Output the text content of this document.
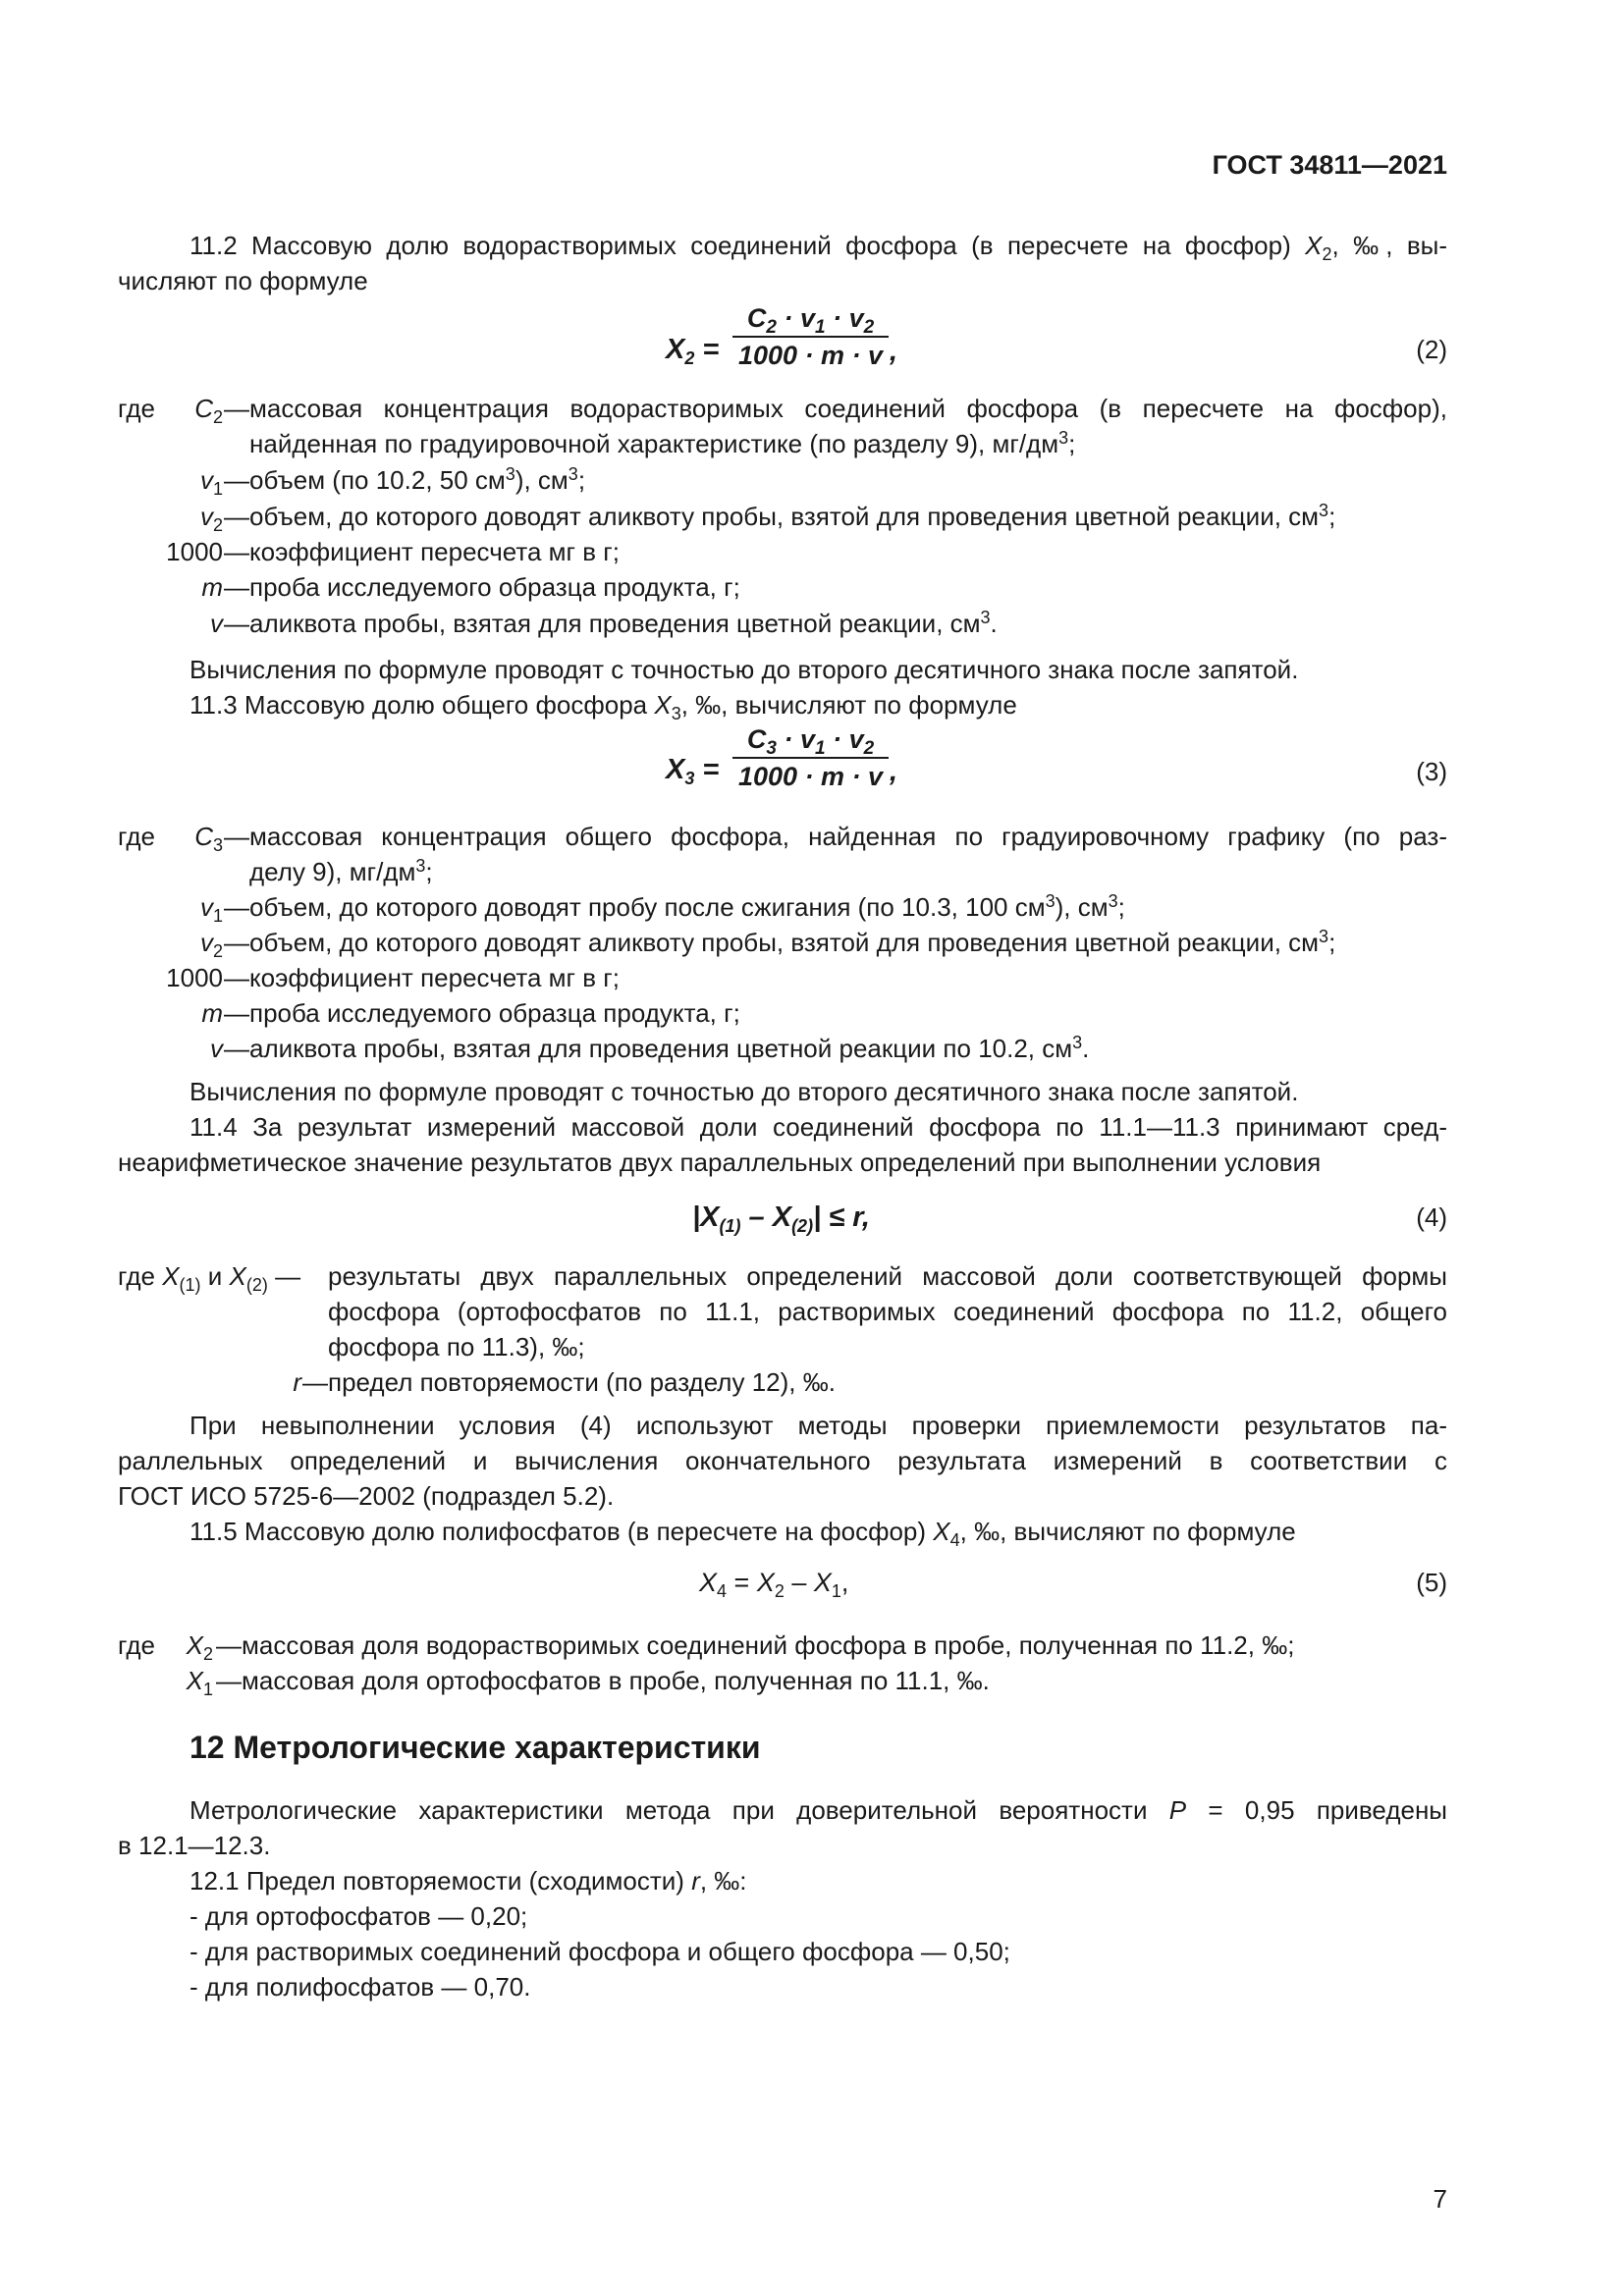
ГОСТ 34811—2021
11.2 Массовую долю водорастворимых соединений фосфора (в пересчете на фосфор) $X_2$, ‰, вы-
числяют по формуле
$X_2$ =
$C_2 \cdot v_1 \cdot v_2$
1000 · m · v ,	(2)
где $C_2$ — массовая концентрация водорастворимых соединений фосфора (в пересчете на фосфор),
найденная по градуировочной характеристике (по разделу 9), $мг/дм^3$;
$v_1$ — объем (по 10.2, 50 $см^3$), $см^3$;
$v_2$ — объем, до которого доводят аликвоту пробы, взятой для проведения цветной реакции, $см^3$;
1000 — коэффициент пересчета мг в г;
m — проба исследуемого образца продукта, г;
v — аликвота пробы, взятая для проведения цветной реакции, $см^3$.
Вычисления по формуле проводят с точностью до второго десятичного знака после запятой.
11.3 Массовую долю общего фосфора $X_3$, ‰, вычисляют по формуле
$X_3$ =
$C_3 \cdot v_1 \cdot v_2$
1000 · m · v ,	(3)
где $C_3$ — массовая концентрация общего фосфора, найденная по градуировочному графику (по раз-
делу 9), $мг/дм^3$;
$v_1$ — объем, до которого доводят пробу после сжигания (по 10.3, 100 $см^3$), $см^3$;
$v_2$ — объем, до которого доводят аликвоту пробы, взятой для проведения цветной реакции, $см^3$;
1000 — коэффициент пересчета мг в г;
m — проба исследуемого образца продукта, г;
v — аликвота пробы, взятая для проведения цветной реакции по 10.2, $см^3$.
Вычисления по формуле проводят с точностью до второго десятичного знака после запятой.
11.4 За результат измерений массовой доли соединений фосфора по 11.1—11.3 принимают сред-
неарифметическое значение результатов двух параллельных определений при выполнении условия
$|X_{(1)} - X_{(2)}| \le r$,	(4)
где $X_{(1)}$ и $X_{(2)}$ — результаты двух параллельных определений массовой доли соответствующей формы
фосфора (ортофосфатов по 11.1, растворимых соединений фосфора по 11.2, общего
фосфора по 11.3), ‰;
r — предел повторяемости (по разделу 12), ‰.
При невыполнении условия (4) используют методы проверки приемлемости результатов па-
раллельных определений и вычисления окончательного результата измерений в соответствии с
ГОСТ ИСО 5725-6—2002 (подраздел 5.2).
11.5 Массовую долю полифосфатов (в пересчете на фосфор) $X_4$, ‰, вычисляют по формуле
$X_4 = X_2 - X_1$,	(5)
где $X_2$ — массовая доля водорастворимых соединений фосфора в пробе, полученная по 11.2, ‰;
$X_1$ — массовая доля ортофосфатов в пробе, полученная по 11.1, ‰.
12 Метрологические характеристики
Метрологические характеристики метода при доверительной вероятности P = 0,95 приведены
в 12.1—12.3.
12.1 Предел повторяемости (сходимости) r, ‰:
- для ортофосфатов — 0,20;
- для растворимых соединений фосфора и общего фосфора — 0,50;
- для полифосфатов — 0,70.
7
